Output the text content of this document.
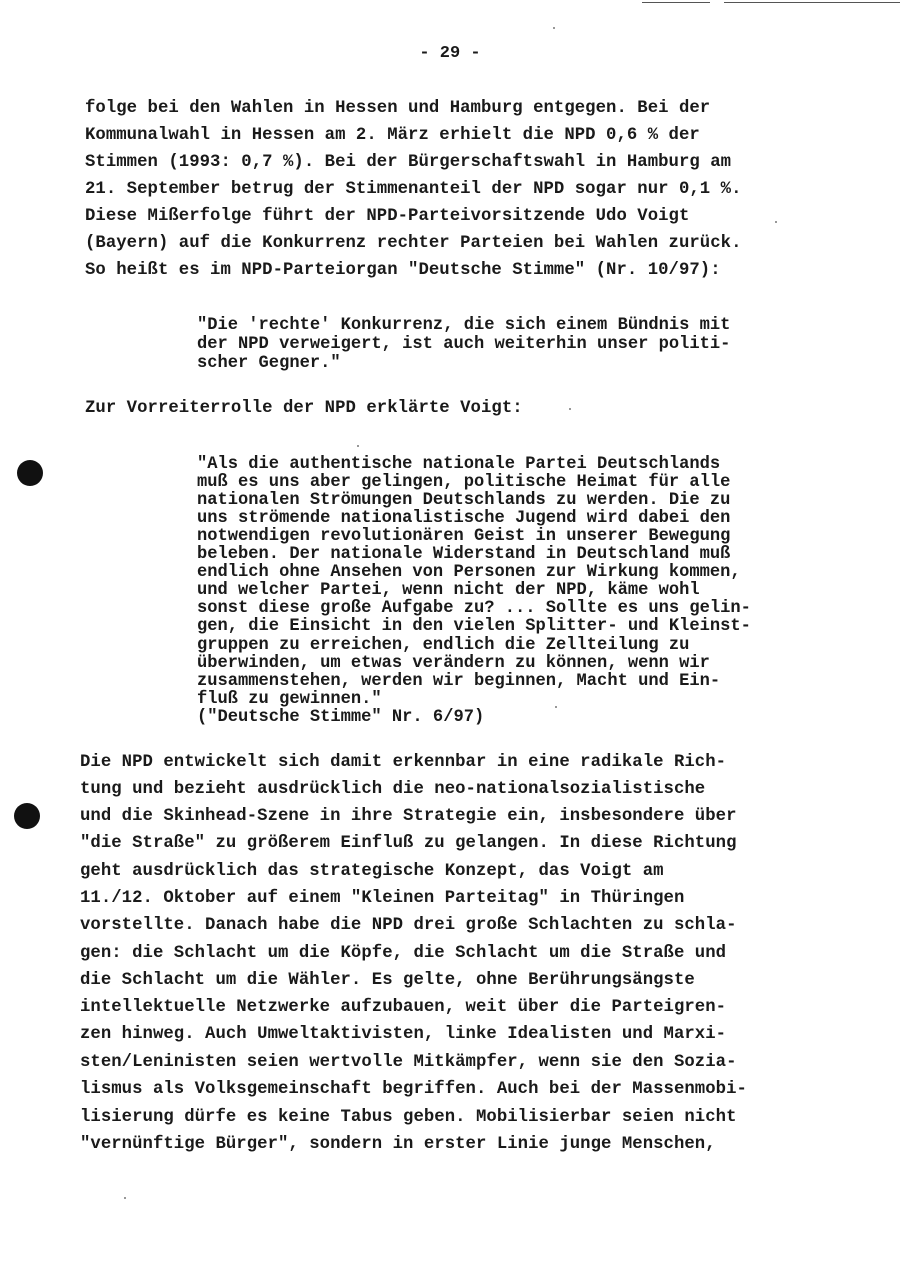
- 29 -
folge bei den Wahlen in Hessen und Hamburg entgegen. Bei der
Kommunalwahl in Hessen am 2. März erhielt die NPD 0,6 % der
Stimmen (1993: 0,7 %). Bei der Bürgerschaftswahl in Hamburg am
21. September betrug der Stimmenanteil der NPD sogar nur 0,1 %.
Diese Mißerfolge führt der NPD-Parteivorsitzende Udo Voigt
(Bayern) auf die Konkurrenz rechter Parteien bei Wahlen zurück.
So heißt es im NPD-Parteiorgan "Deutsche Stimme" (Nr. 10/97):
"Die 'rechte' Konkurrenz, die sich einem Bündnis mit
der NPD verweigert, ist auch weiterhin unser politi-
scher Gegner."
Zur Vorreiterrolle der NPD erklärte Voigt:
"Als die authentische nationale Partei Deutschlands
muß es uns aber gelingen, politische Heimat für alle
nationalen Strömungen Deutschlands zu werden. Die zu
uns strömende nationalistische Jugend wird dabei den
notwendigen revolutionären Geist in unserer Bewegung
beleben. Der nationale Widerstand in Deutschland muß
endlich ohne Ansehen von Personen zur Wirkung kommen,
und welcher Partei, wenn nicht der NPD, käme wohl
sonst diese große Aufgabe zu? ... Sollte es uns gelin-
gen, die Einsicht in den vielen Splitter- und Kleinst-
gruppen zu erreichen, endlich die Zellteilung zu
überwinden, um etwas verändern zu können, wenn wir
zusammenstehen, werden wir beginnen, Macht und Ein-
fluß zu gewinnen."
("Deutsche Stimme" Nr. 6/97)
Die NPD entwickelt sich damit erkennbar in eine radikale Rich-
tung und bezieht ausdrücklich die neo-nationalsozialistische
und die Skinhead-Szene in ihre Strategie ein, insbesondere über
"die Straße" zu größerem Einfluß zu gelangen. In diese Richtung
geht ausdrücklich das strategische Konzept, das Voigt am
11./12. Oktober auf einem "Kleinen Parteitag" in Thüringen
vorstellte. Danach habe die NPD drei große Schlachten zu schla-
gen: die Schlacht um die Köpfe, die Schlacht um die Straße und
die Schlacht um die Wähler. Es gelte, ohne Berührungsängste
intellektuelle Netzwerke aufzubauen, weit über die Parteigren-
zen hinweg. Auch Umweltaktivisten, linke Idealisten und Marxi-
sten/Leninisten seien wertvolle Mitkämpfer, wenn sie den Sozia-
lismus als Volksgemeinschaft begriffen. Auch bei der Massenmobi-
lisierung dürfe es keine Tabus geben. Mobilisierbar seien nicht
"vernünftige Bürger", sondern in erster Linie junge Menschen,
